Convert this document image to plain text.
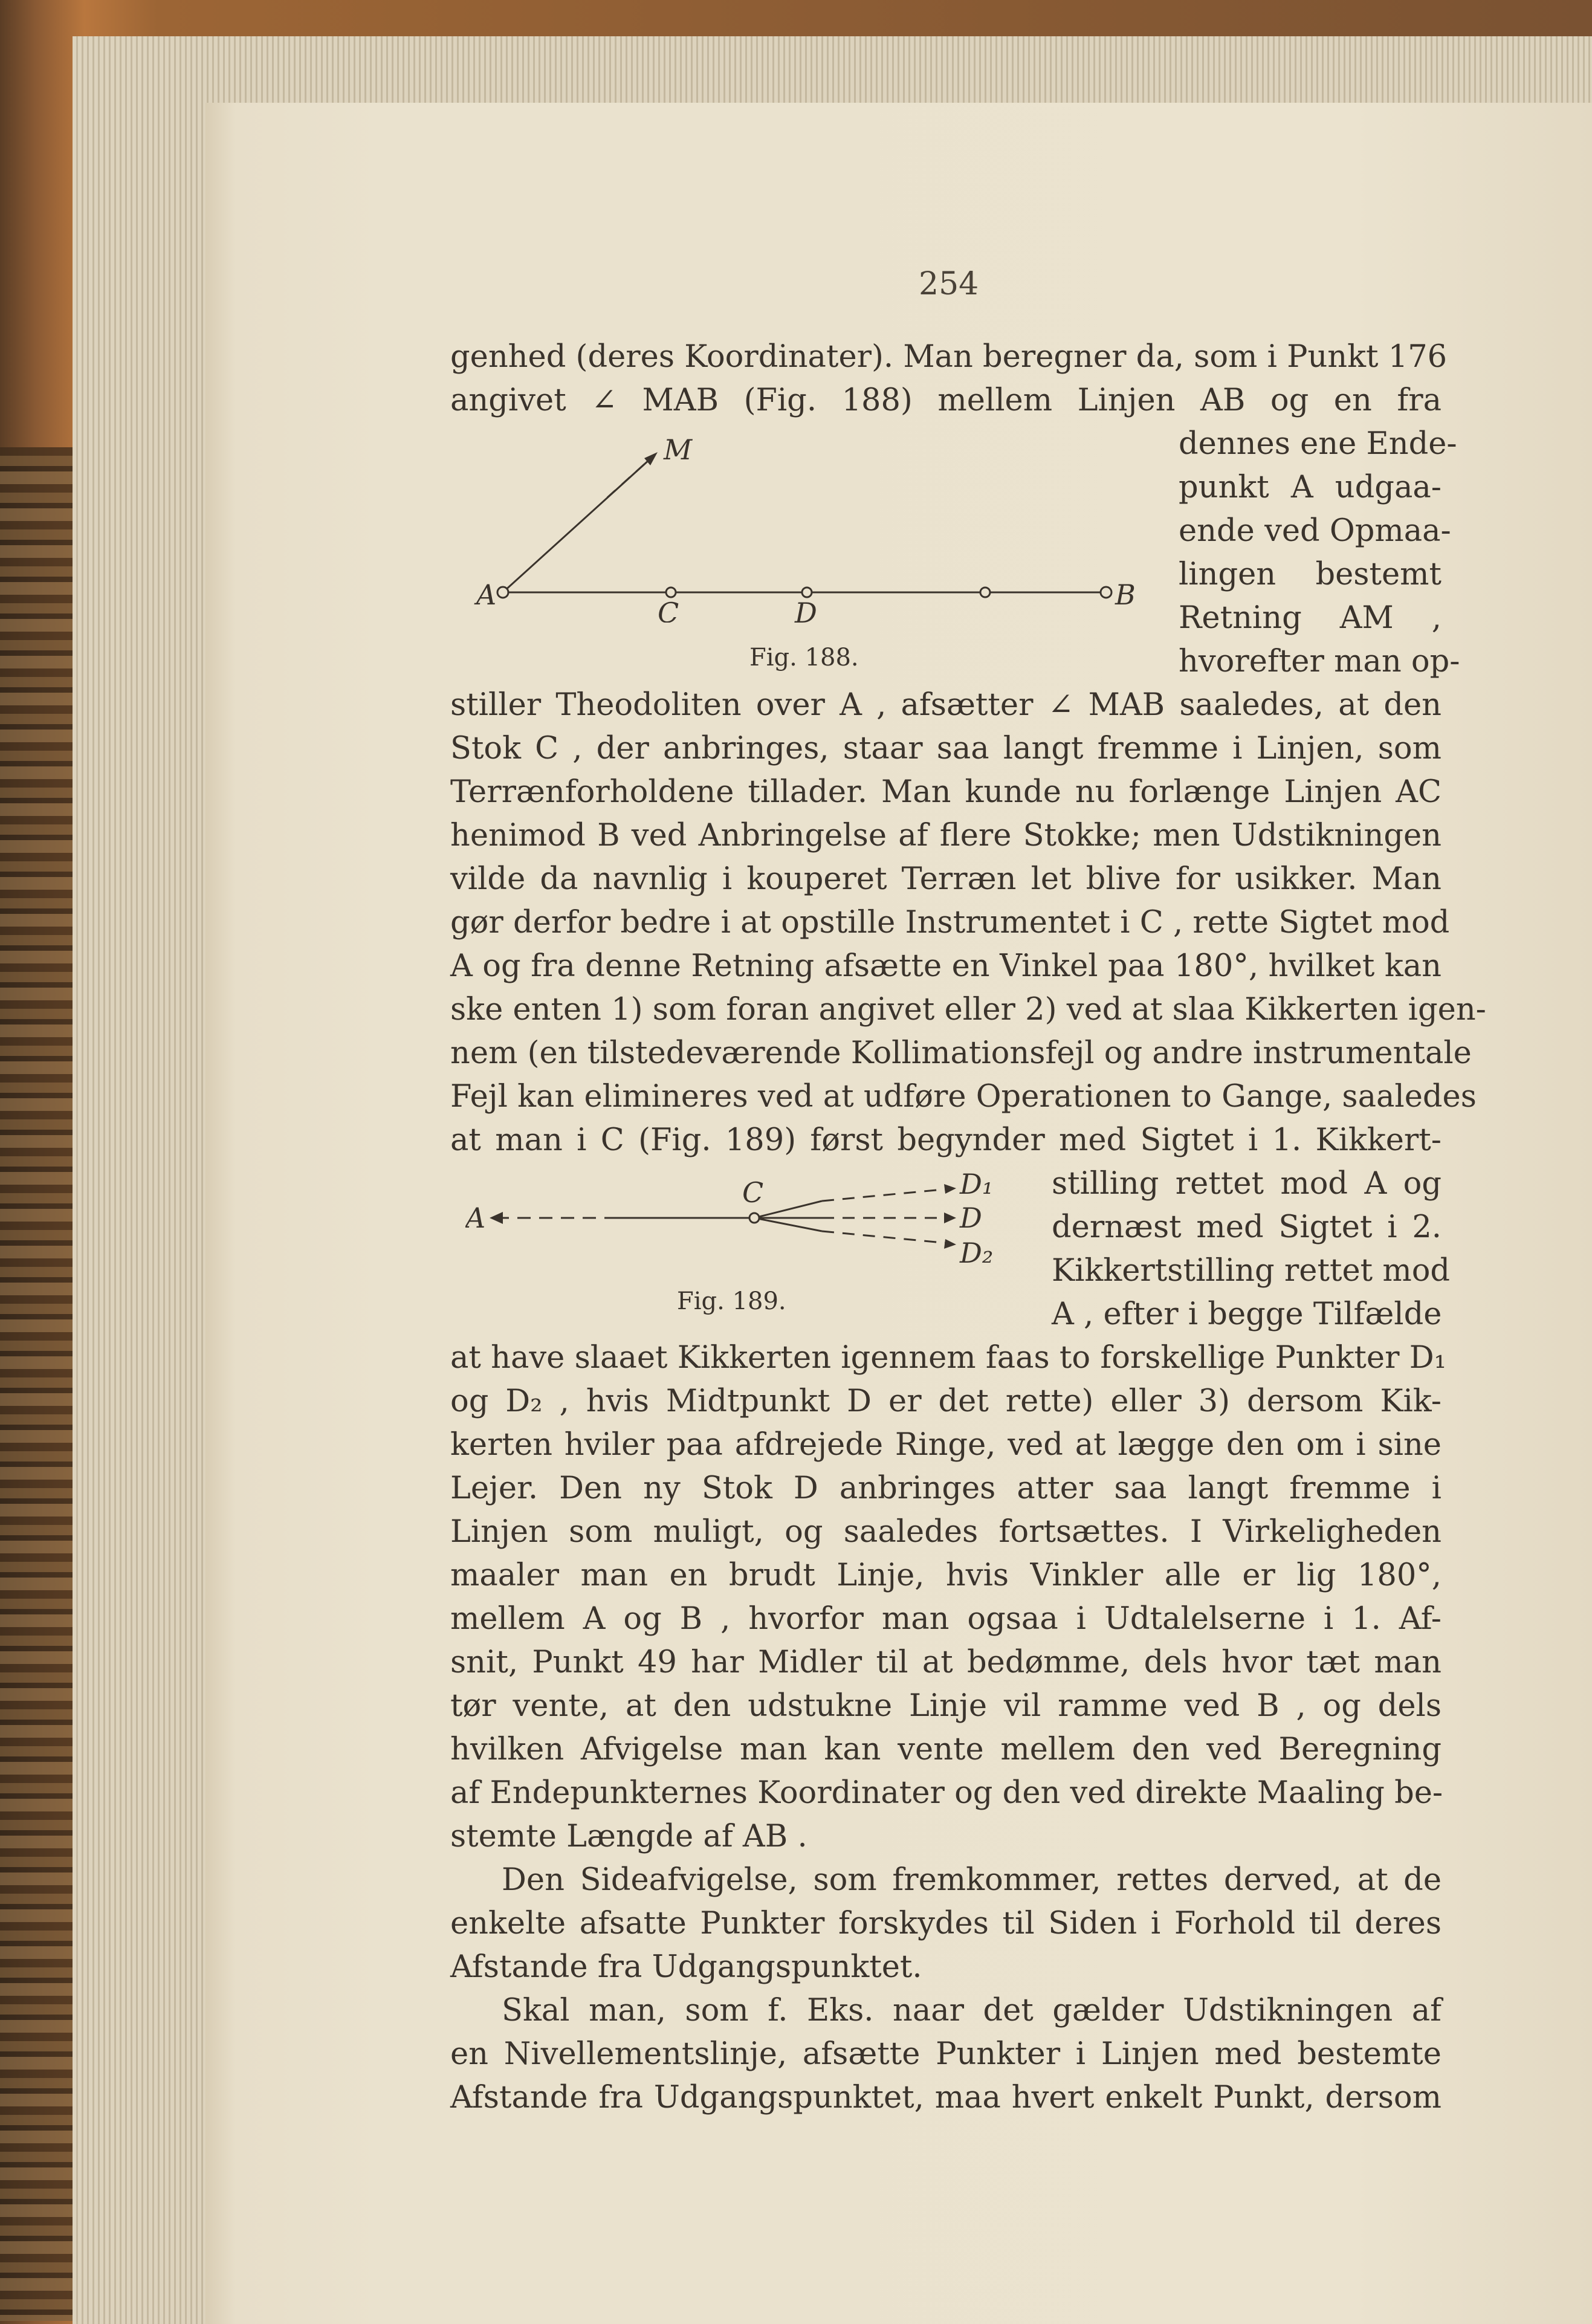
254
genhed (deres Koordinater). Man beregner da, som i Punkt 176
angivet ∠ MAB (Fig. 188) mellem Linjen AB og en fra
dennes ene Ende-
punkt A udgaa-
ende ved Opmaa-
lingen bestemt
Retning AM ,
hvorefter man op-
M
A
C	D
B
Fig. 188.
stiller Theodoliten over A , afsætter ∠ MAB saaledes, at den
Stok C , der anbringes, staar saa langt fremme i Linjen, som
Terrænforholdene tillader. Man kunde nu forlænge Linjen AC
henimod B ved Anbringelse af flere Stokke; men Udstikningen
vilde da navnlig i kouperet Terræn let blive for usikker. Man
gør derfor bedre i at opstille Instrumentet i C , rette Sigtet mod
A og fra denne Retning afsætte en Vinkel paa 180°, hvilket kan
ske enten 1) som foran angivet eller 2) ved at slaa Kikkerten igen-
nem (en tilstedeværende Kollimationsfejl og andre instrumentale
Fejl kan elimineres ved at udføre Operationen to Gange, saaledes
at man i C (Fig. 189) først begynder med Sigtet i 1. Kikkert-
stilling rettet mod A og
dernæst med Sigtet i 2.
Kikkertstilling rettet mod
A , efter i begge Tilfælde
A
C	D₁
D
D₂
Fig. 189.
at have slaaet Kikkerten igennem faas to forskellige Punkter D₁
og D₂ , hvis Midtpunkt D er det rette) eller 3) dersom Kik-
kerten hviler paa afdrejede Ringe, ved at lægge den om i sine
Lejer. Den ny Stok D anbringes atter saa langt fremme i
Linjen som muligt, og saaledes fortsættes. I Virkeligheden
maaler man en brudt Linje, hvis Vinkler alle er lig 180°,
mellem A og B , hvorfor man ogsaa i Udtalelserne i 1. Af-
snit, Punkt 49 har Midler til at bedømme, dels hvor tæt man
tør vente, at den udstukne Linje vil ramme ved B , og dels
hvilken Afvigelse man kan vente mellem den ved Beregning
af Endepunkternes Koordinater og den ved direkte Maaling be-
stemte Længde af AB .
Den Sideafvigelse, som fremkommer, rettes derved, at de
enkelte afsatte Punkter forskydes til Siden i Forhold til deres
Afstande fra Udgangspunktet.
Skal man, som f. Eks. naar det gælder Udstikningen af
en Nivellementslinje, afsætte Punkter i Linjen med bestemte
Afstande fra Udgangspunktet, maa hvert enkelt Punkt, dersom
